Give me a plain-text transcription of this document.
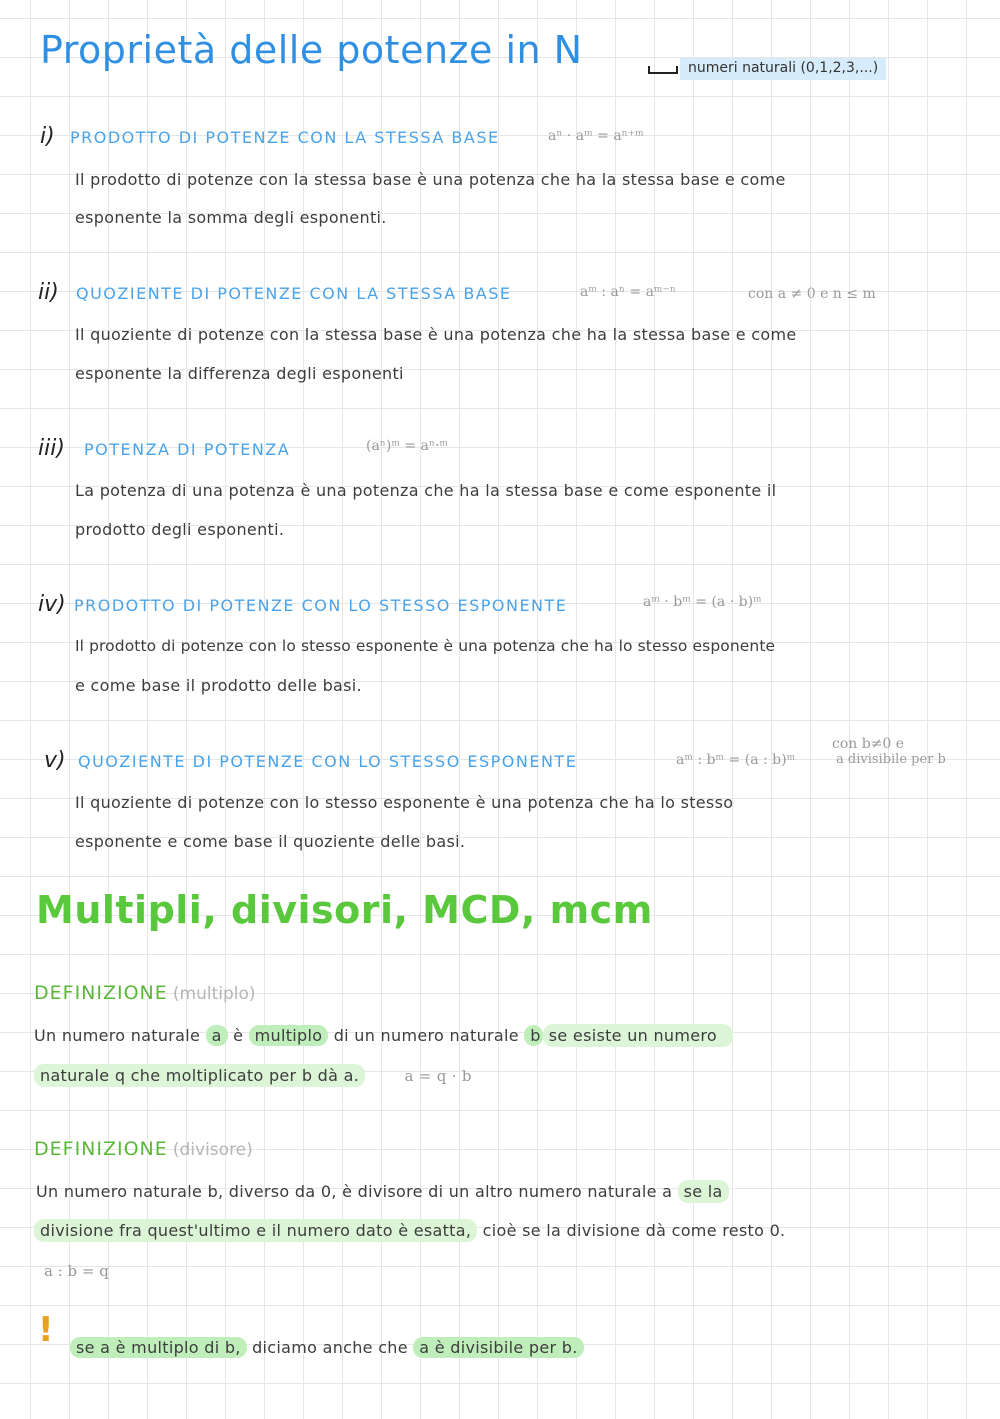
Proprietà delle potenze in N	numeri naturali (0,1,2,3,...)
i) PRODOTTO DI POTENZE CON LA STESSA BASE	aⁿ · aᵐ = aⁿ⁺ᵐ
Il prodotto di potenze con la stessa base è una potenza che ha la stessa base e come
esponente la somma degli esponenti.
ii) QUOZIENTE DI POTENZE CON LA STESSA BASE	aᵐ : aⁿ = aᵐ⁻ⁿ	con a ≠ 0 e n ≤ m
Il quoziente di potenze con la stessa base è una potenza che ha la stessa base e come
esponente la differenza degli esponenti
iii) POTENZA DI POTENZA	(aⁿ)ᵐ = aⁿ·ᵐ
La potenza di una potenza è una potenza che ha la stessa base e come esponente il
prodotto degli esponenti.
iv) PRODOTTO DI POTENZE CON LO STESSO ESPONENTE	aᵐ · bᵐ = (a · b)ᵐ
Il prodotto di potenze con lo stesso esponente è una potenza che ha lo stesso esponente
e come base il prodotto delle basi.
v) QUOZIENTE DI POTENZE CON LO STESSO ESPONENTE	aᵐ : bᵐ = (a : b)ᵐ
con b≠0 e
a divisibile per b
Il quoziente di potenze con lo stesso esponente è una potenza che ha lo stesso
esponente e come base il quoziente delle basi.
Multipli, divisori, MCD, mcm
DEFINIZIONE (multiplo)
Un numero naturale a è multiplo di un numero naturale b se esiste un numero
naturale q che moltiplicato per b dà a.	a = q · b
DEFINIZIONE (divisore)
Un numero naturale b, diverso da 0, è divisore di un altro numero naturale a se la
divisione fra quest'ultimo e il numero dato è esatta, cioè se la divisione dà come resto 0.
a : b = q
!	se a è multiplo di b, diciamo anche che a è divisibile per b.
